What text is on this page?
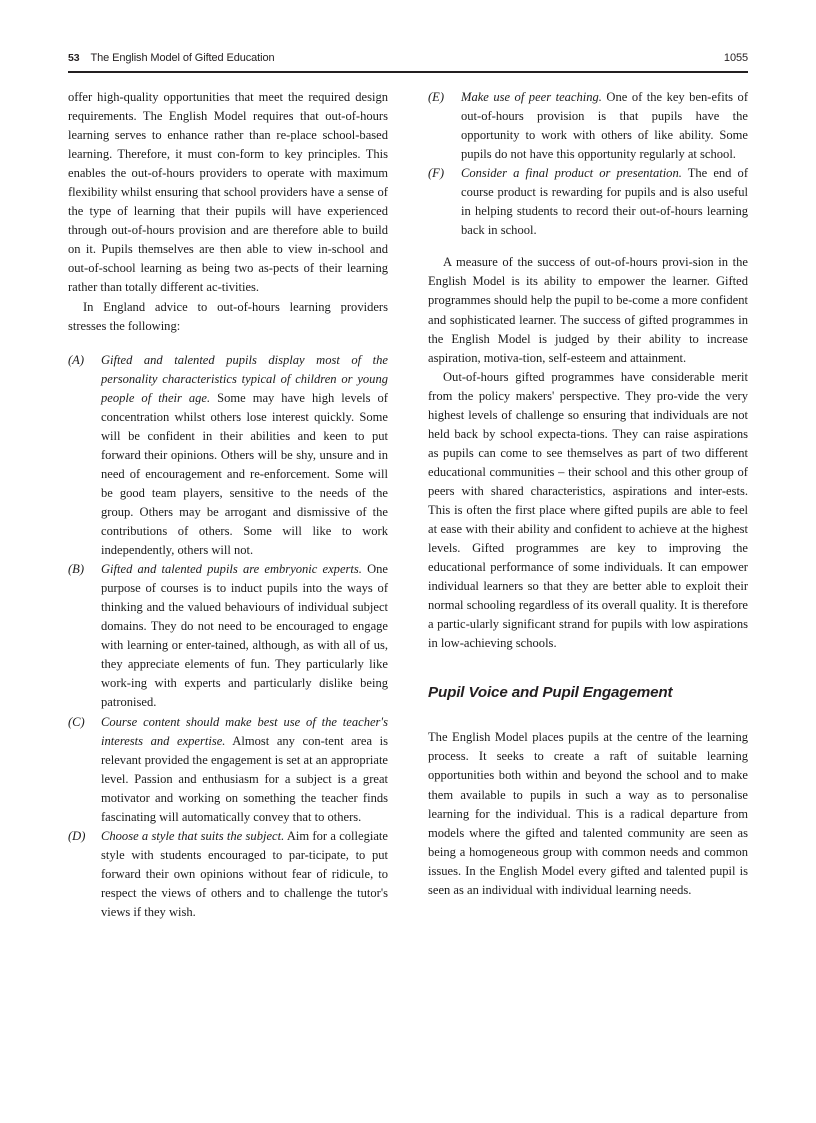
53 The English Model of Gifted Education	1055

offer high-quality opportunities that meet the required design requirements. The English Model requires that out-of-hours learning serves to enhance rather than re-place school-based learning. Therefore, it must con-form to key principles. This enables the out-of-hours providers to operate with maximum flexibility whilst ensuring that school providers have a sense of the type of learning that their pupils will have experienced through out-of-hours provision and are therefore able to build on it. Pupils themselves are then able to view in-school and out-of-school learning as being two as-pects of their learning rather than totally different ac-tivities.

In England advice to out-of-hours learning providers stresses the following:

(A) Gifted and talented pupils display most of the personality characteristics typical of children or young people of their age. Some may have high levels of concentration whilst others lose interest quickly. Some will be confident in their abilities and keen to put forward their opinions. Others will be shy, unsure and in need of encouragement and re-enforcement. Some will be good team players, sensitive to the needs of the group. Others may be arrogant and dismissive of the contributions of others. Some will like to work independently, others will not.
(B) Gifted and talented pupils are embryonic experts. One purpose of courses is to induct pupils into the ways of thinking and the valued behaviours of individual subject domains. They do not need to be encouraged to engage with learning or enter-tained, although, as with all of us, they appreciate elements of fun. They particularly like work-ing with experts and particularly dislike being patronised.
(C) Course content should make best use of the teacher's interests and expertise. Almost any con-tent area is relevant provided the engagement is set at an appropriate level. Passion and enthusiasm for a subject is a great motivator and working on something the teacher finds fascinating will automatically convey that to others.
(D) Choose a style that suits the subject. Aim for a collegiate style with students encouraged to par-ticipate, to put forward their own opinions without fear of ridicule, to respect the views of others and to challenge the tutor's views if they wish.
(E) Make use of peer teaching. One of the key ben-efits of out-of-hours provision is that pupils have the opportunity to work with others of like ability. Some pupils do not have this opportunity regularly at school.
(F) Consider a final product or presentation. The end of course product is rewarding for pupils and is also useful in helping students to record their out-of-hours learning back in school.

A measure of the success of out-of-hours provi-sion in the English Model is its ability to empower the learner. Gifted programmes should help the pupil to be-come a more confident and sophisticated learner. The success of gifted programmes in the English Model is judged by their ability to increase aspiration, motiva-tion, self-esteem and attainment.

Out-of-hours gifted programmes have considerable merit from the policy makers' perspective. They pro-vide the very highest levels of challenge so ensuring that individuals are not held back by school expecta-tions. They can raise aspirations as pupils can come to see themselves as part of two different educational communities – their school and this other group of peers with shared characteristics, aspirations and inter-ests. This is often the first place where gifted pupils are able to feel at ease with their ability and confident to achieve at the highest levels. Gifted programmes are key to improving the educational performance of some individuals. It can empower individual learners so that they are better able to exploit their normal schooling regardless of its overall quality. It is therefore a partic-ularly significant strand for pupils with low aspirations in low-achieving schools.

Pupil Voice and Pupil Engagement

The English Model places pupils at the centre of the learning process. It seeks to create a raft of suitable learning opportunities both within and beyond the school and to make them available to pupils in such a way as to personalise learning for the individual. This is a radical departure from models where the gifted and talented community are seen as being a homogeneous group with common needs and common issues. In the English Model every gifted and talented pupil is seen as an individual with individual learning needs.
